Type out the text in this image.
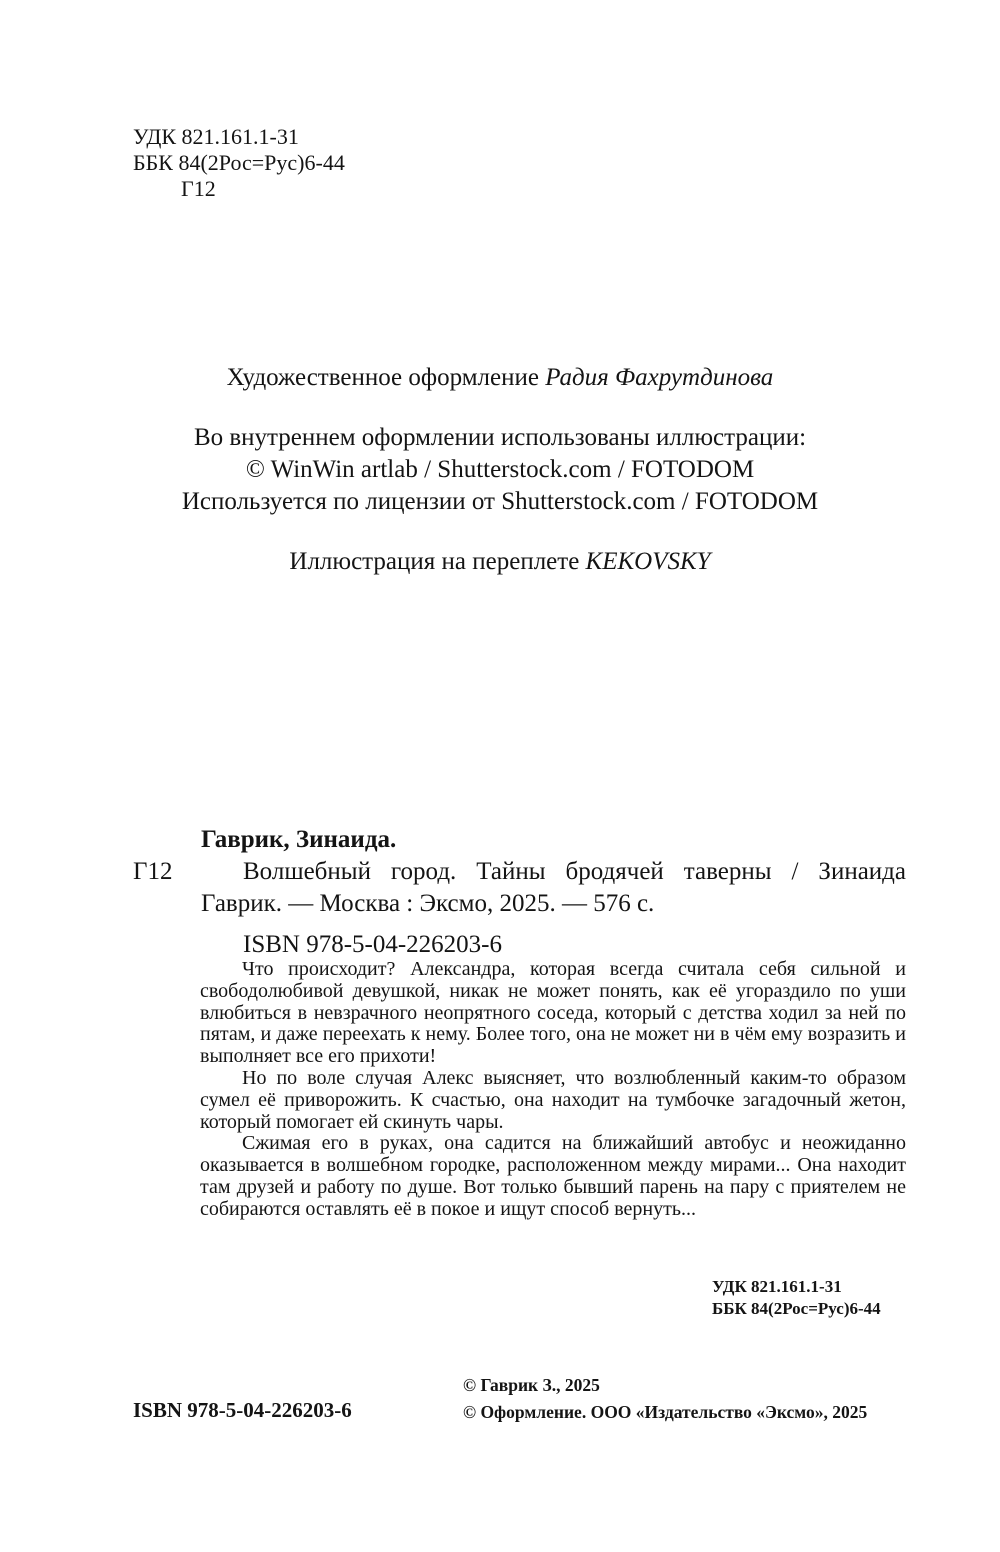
УДК 821.161.1-31
ББК 84(2Рос=Рус)6-44
Г12

Художественное оформление Радия Фахрутдинова

Во внутреннем оформлении использованы иллюстрации:

© WinWin artlab / Shutterstock.com / FOTODOM

Используется по лицензии от Shutterstock.com / FOTODOM

Иллюстрация на переплете KEKOVSKY

Г12

Гаврик, Зинаида.

Волшебный город. Тайны бродячей таверны / Зинаида Гаврик. — Москва : Эксмо, 2025. — 576 с.

ISBN 978-5-04-226203-6

Что происходит? Александра, которая всегда считала себя сильной и свободолюбивой девушкой, никак не может понять, как её угораздило по уши влюбиться в невзрачного неопрятного соседа, который с детства ходил за ней по пятам, и даже переехать к нему. Более того, она не может ни в чём ему возразить и выполняет все его прихоти!

Но по воле случая Алекс выясняет, что возлюбленный каким-то образом сумел её приворожить. К счастью, она находит на тумбочке загадочный жетон, который помогает ей скинуть чары.

Сжимая его в руках, она садится на ближайший автобус и неожиданно оказывается в волшебном городке, расположенном между мирами... Она находит там друзей и работу по душе. Вот только бывший парень на пару с приятелем не собираются оставлять её в покое и ищут способ вернуть...

УДК 821.161.1-31
ББК 84(2Рос=Рус)6-44
ISBN 978-5-04-226203-6
© Гаврик З., 2025
© Оформление. ООО «Издательство «Эксмо», 2025
